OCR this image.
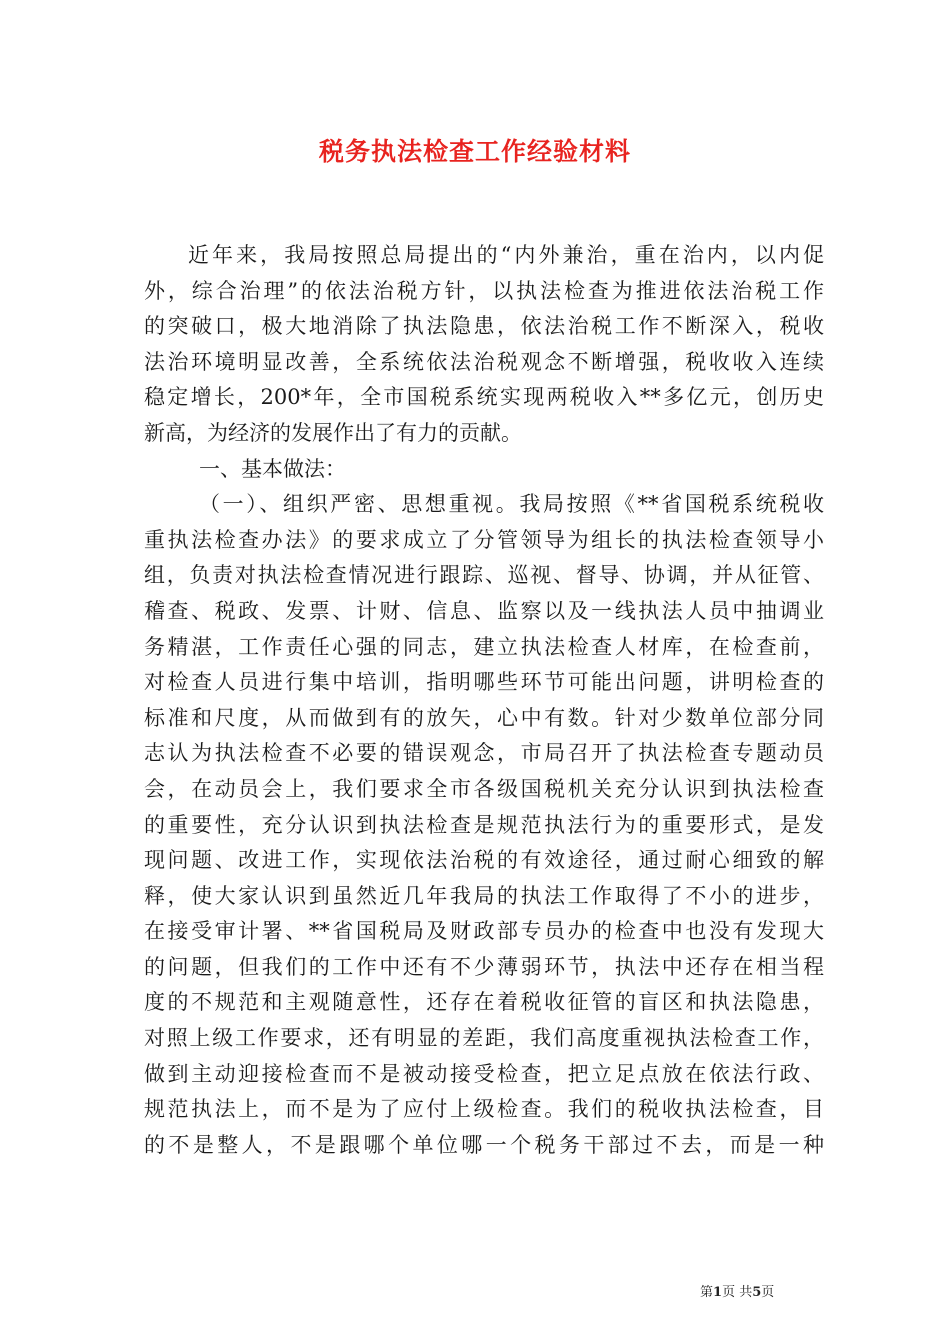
税务执法检查工作经验材料
近年来，我局按照总局提出的“内外兼治，重在治内，以内促
外，综合治理”的依法治税方针，以执法检查为推进依法治税工作
的突破口，极大地消除了执法隐患，依法治税工作不断深入，税收
法治环境明显改善，全系统依法治税观念不断增强，税收收入连续
稳定增长，200*年，全市国税系统实现两税收入**多亿元，创历史
新高，为经济的发展作出了有力的贡献。
一、基本做法：
（一）、组织严密、思想重视。我局按照《**省国税系统税收
重执法检查办法》的要求成立了分管领导为组长的执法检查领导小
组，负责对执法检查情况进行跟踪、巡视、督导、协调，并从征管、
稽查、税政、发票、计财、信息、监察以及一线执法人员中抽调业
务精湛，工作责任心强的同志，建立执法检查人材库，在检查前，
对检查人员进行集中培训，指明哪些环节可能出问题，讲明检查的
标准和尺度，从而做到有的放矢，心中有数。针对少数单位部分同
志认为执法检查不必要的错误观念，市局召开了执法检查专题动员
会，在动员会上，我们要求全市各级国税机关充分认识到执法检查
的重要性，充分认识到执法检查是规范执法行为的重要形式，是发
现问题、改进工作，实现依法治税的有效途径，通过耐心细致的解
释，使大家认识到虽然近几年我局的执法工作取得了不小的进步，
在接受审计署、**省国税局及财政部专员办的检查中也没有发现大
的问题，但我们的工作中还有不少薄弱环节，执法中还存在相当程
度的不规范和主观随意性，还存在着税收征管的盲区和执法隐患，
对照上级工作要求，还有明显的差距，我们高度重视执法检查工作，
做到主动迎接检查而不是被动接受检查，把立足点放在依法行政、
规范执法上，而不是为了应付上级检查。我们的税收执法检查，目
的不是整人，不是跟哪个单位哪一个税务干部过不去，而是一种
第1页 共5页
